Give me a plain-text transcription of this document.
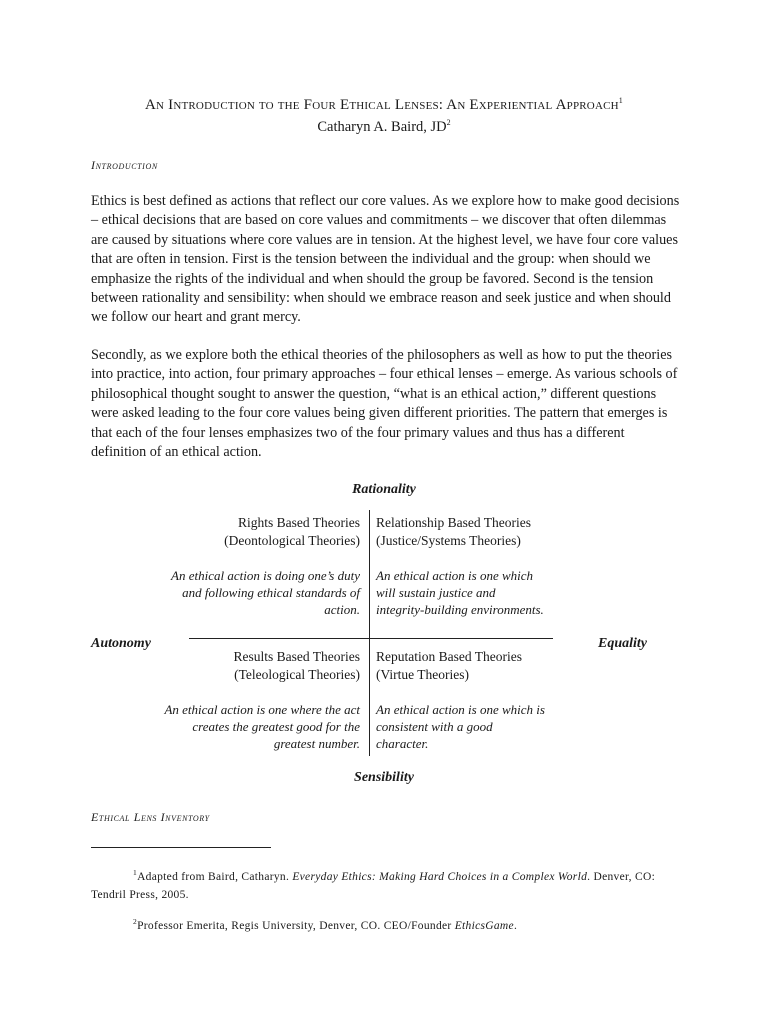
An Introduction to the Four Ethical Lenses: An Experiential Approach$^1$
Catharyn A. Baird, $JD^2$
Introduction

Ethics is best defined as actions that reflect our core values. As we explore how to make good decisions – ethical decisions that are based on core values and commitments – we discover that often dilemmas are caused by situations where core values are in tension. At the highest level, we have four core values that are often in tension. First is the tension between the individual and the group: when should we emphasize the rights of the individual and when should the group be favored. Second is the tension between rationality and sensibility: when should we embrace reason and seek justice and when should we follow our heart and grant mercy.

Secondly, as we explore both the ethical theories of the philosophers as well as how to put the theories into practice, into action, four primary approaches – four ethical lenses – emerge. As various schools of philosophical thought sought to answer the question, “what is an ethical action,” different questions were asked leading to the four core values being given different priorities. The pattern that emerges is that each of the four lenses emphasizes two of the four primary values and thus has a different definition of an ethical action.

Rationality
Sensibility
Autonomy	Equality
Rights Based Theories
(Deontological Theories)
An ethical action is doing one’s duty and following ethical standards of action.
Relationship Based Theories
(Justice/Systems Theories)
An ethical action is one which will sustain justice and integrity-building environments.
Results Based Theories
(Teleological Theories)
An ethical action is one where the act creates the greatest good for the greatest number.
Reputation Based Theories
(Virtue Theories)
An ethical action is one which is consistent with a good character.
Ethical Lens Inventory

$^1$Adapted from Baird, Catharyn. Everyday Ethics: Making Hard Choices in a Complex World. Denver, CO: Tendril Press, 2005.

$^2$Professor Emerita, Regis University, Denver, CO. CEO/Founder EthicsGame.
